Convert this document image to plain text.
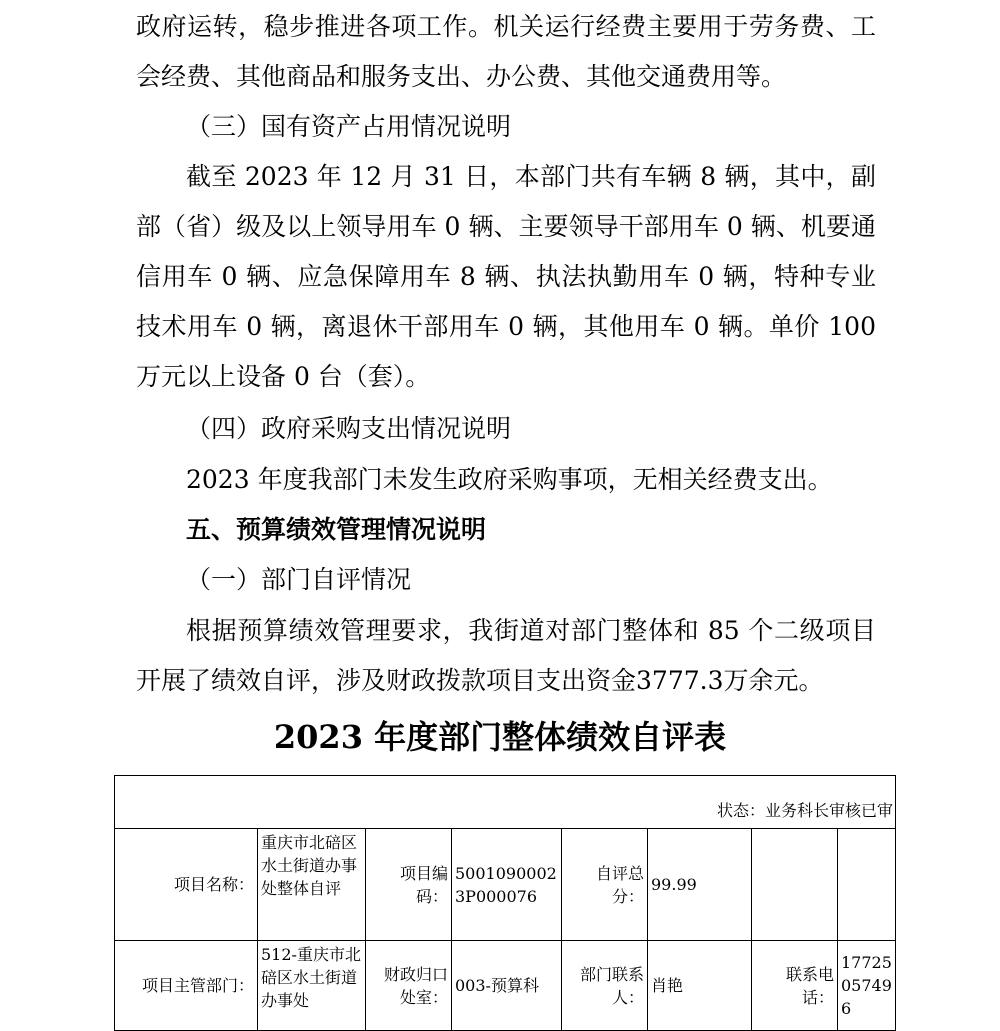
政府运转，稳步推进各项工作。机关运行经费主要用于劳务费、工会经费、其他商品和服务支出、办公费、其他交通费用等。
（三）国有资产占用情况说明
截至 2023 年 12 月 31 日，本部门共有车辆 8 辆，其中，副部（省）级及以上领导用车 0 辆、主要领导干部用车 0 辆、机要通信用车 0 辆、应急保障用车 8 辆、执法执勤用车 0 辆，特种专业技术用车 0 辆，离退休干部用车 0 辆，其他用车 0 辆。单价 100 万元以上设备 0 台（套）。
（四）政府采购支出情况说明
2023 年度我部门未发生政府采购事项，无相关经费支出。
五、预算绩效管理情况说明
（一）部门自评情况
根据预算绩效管理要求，我街道对部门整体和 85 个二级项目开展了绩效自评，涉及财政拨款项目支出资金3777.3万余元。
2023 年度部门整体绩效自评表
状态：业务科长审核已审							
项目名称：	重庆市北碚区水土街道办事处整体自评	项目编码：	50010900023P000076	自评总分：	99.99		
项目主管部门：	512-重庆市北碚区水土街道办事处	财政归口处室：	003-预算科	部门联系人：	肖艳	联系电话：	17725057496
